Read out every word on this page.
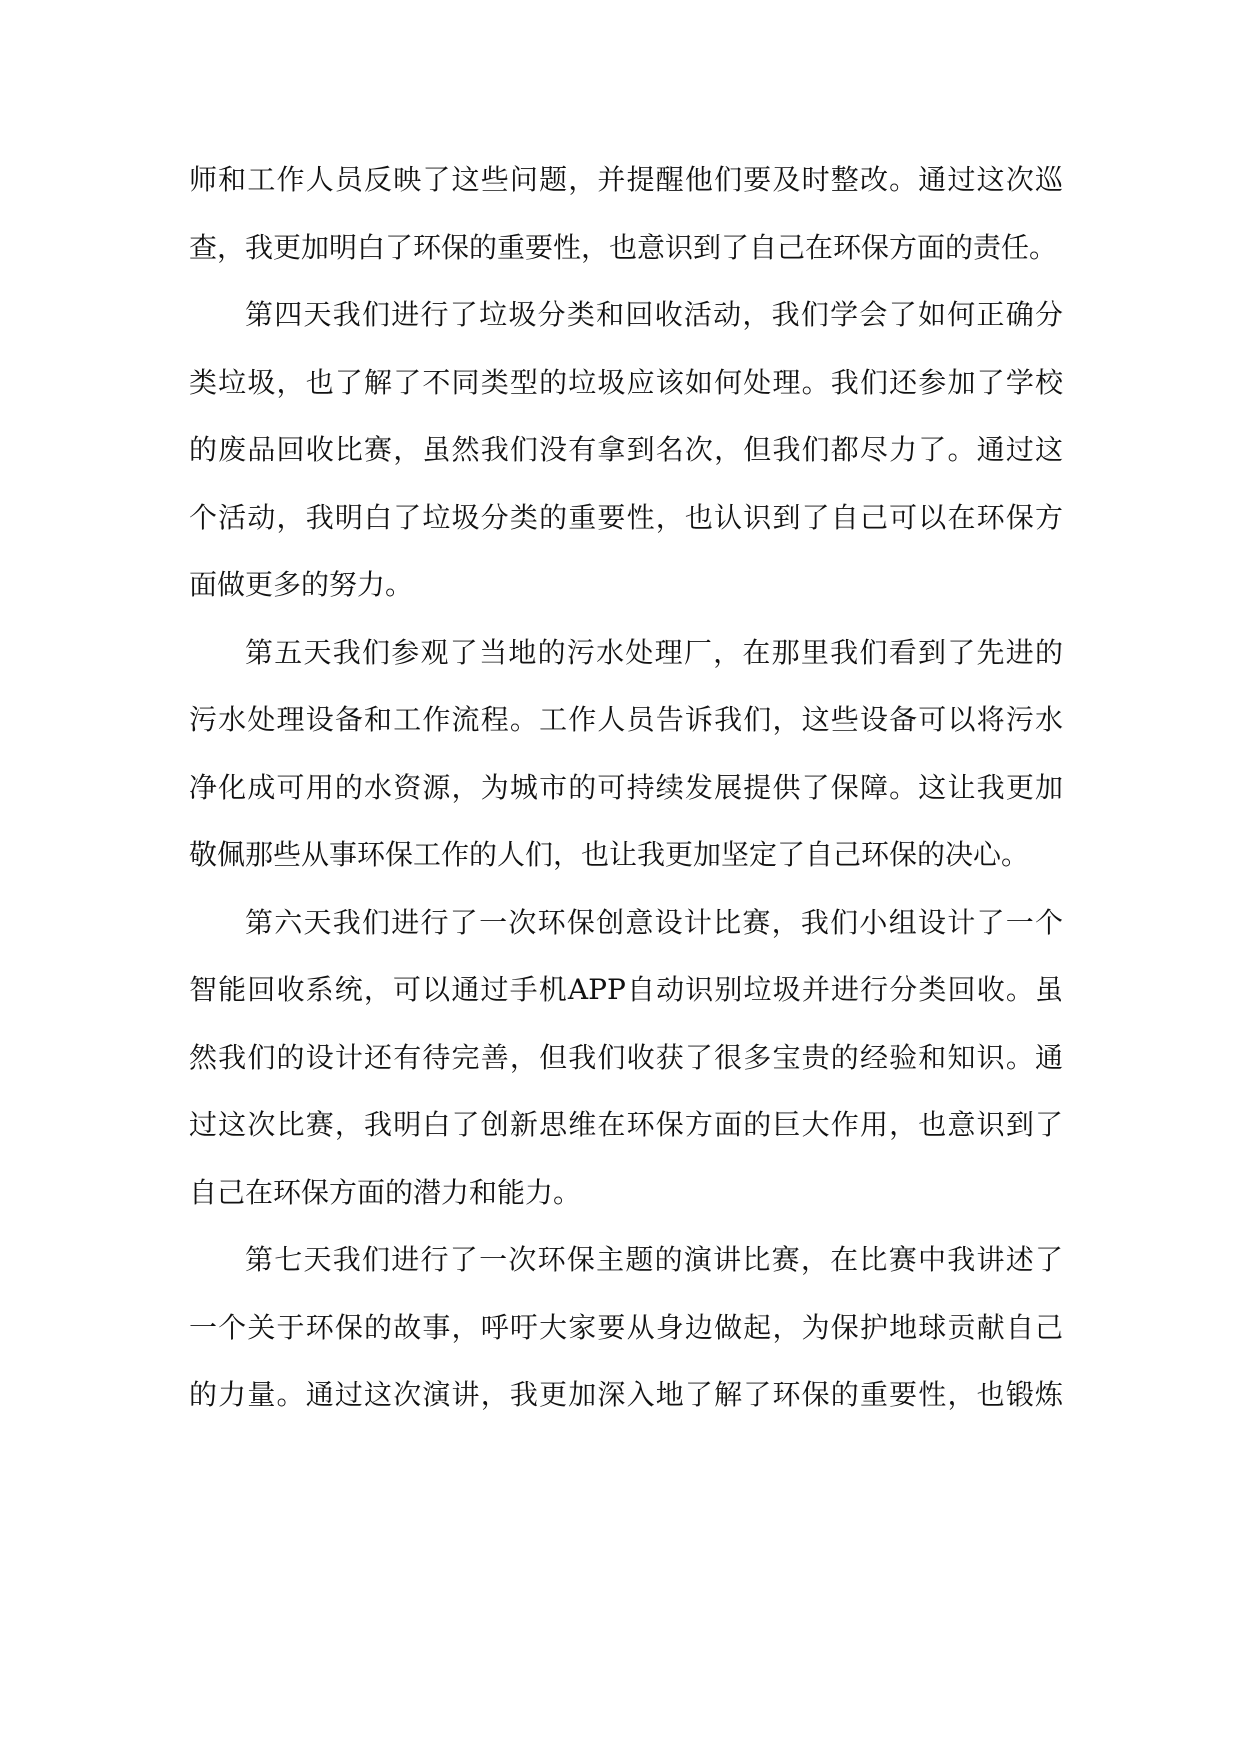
师和工作人员反映了这些问题，并提醒他们要及时整改。通过这次巡
查，我更加明白了环保的重要性，也意识到了自己在环保方面的责任。
第四天我们进行了垃圾分类和回收活动，我们学会了如何正确分
类垃圾，也了解了不同类型的垃圾应该如何处理。我们还参加了学校
的废品回收比赛，虽然我们没有拿到名次，但我们都尽力了。通过这
个活动，我明白了垃圾分类的重要性，也认识到了自己可以在环保方
面做更多的努力。
第五天我们参观了当地的污水处理厂，在那里我们看到了先进的
污水处理设备和工作流程。工作人员告诉我们，这些设备可以将污水
净化成可用的水资源，为城市的可持续发展提供了保障。这让我更加
敬佩那些从事环保工作的人们，也让我更加坚定了自己环保的决心。
第六天我们进行了一次环保创意设计比赛，我们小组设计了一个
智能回收系统，可以通过手机APP自动识别垃圾并进行分类回收。虽
然我们的设计还有待完善，但我们收获了很多宝贵的经验和知识。通
过这次比赛，我明白了创新思维在环保方面的巨大作用，也意识到了
自己在环保方面的潜力和能力。
第七天我们进行了一次环保主题的演讲比赛，在比赛中我讲述了
一个关于环保的故事，呼吁大家要从身边做起，为保护地球贡献自己
的力量。通过这次演讲，我更加深入地了解了环保的重要性，也锻炼
